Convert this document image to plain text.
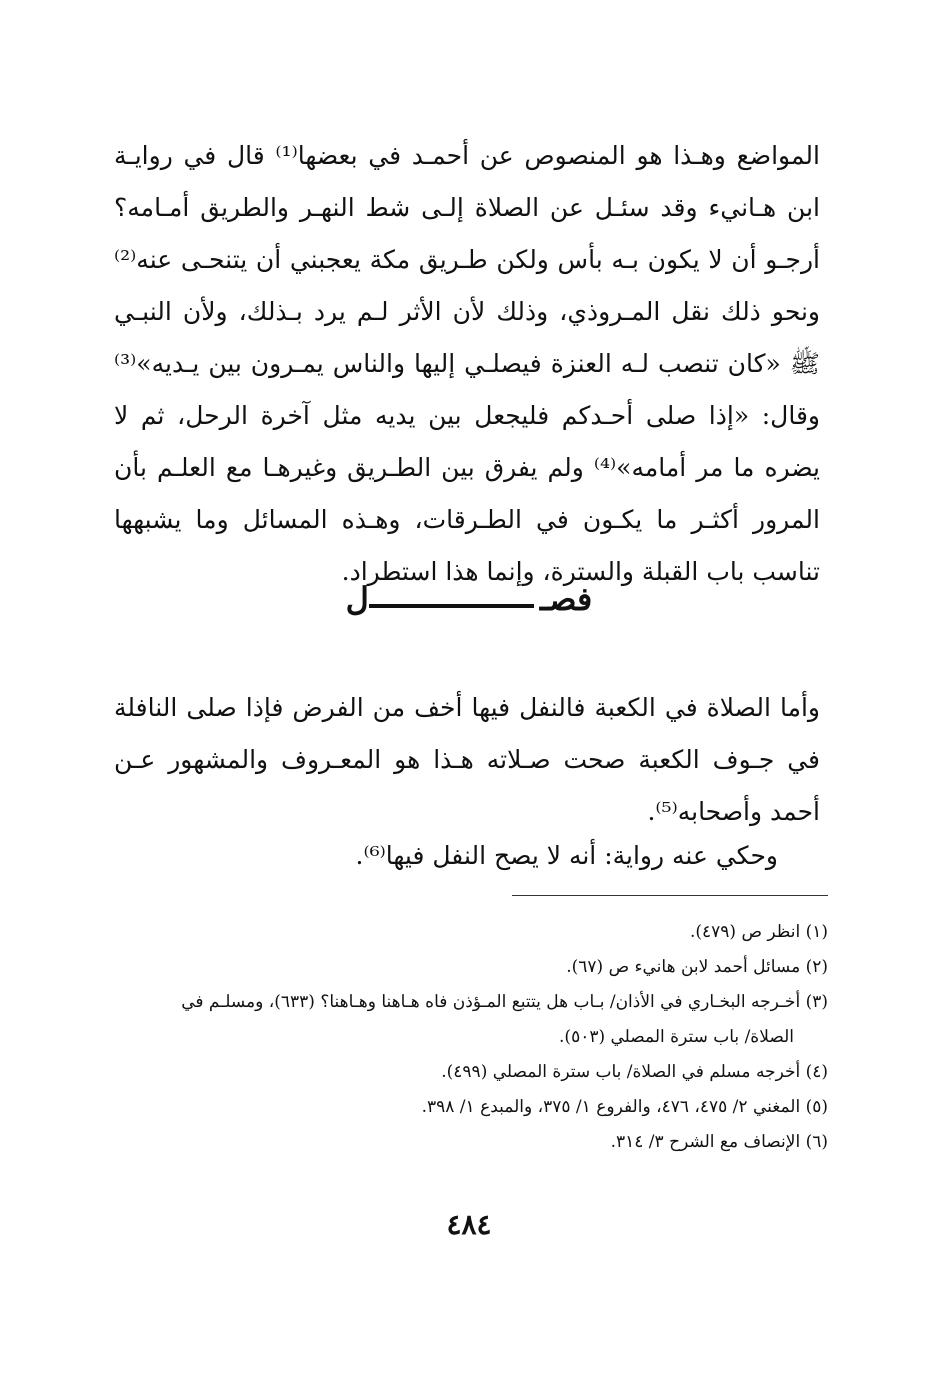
المواضع وهـذا هو المنصوص عن أحمـد في بعضها⁽¹⁾ قال في روايـة ابن هـانيء وقد سئـل عن الصلاة إلـى شط النهـر والطريق أمـامه؟ أرجـو أن لا يكون بـه بأس ولكن طـريق مكة يعجبني أن يتنحـى عنه⁽²⁾ ونحو ذلك نقل المـروذي، وذلك لأن الأثر لـم يرد بـذلك، ولأن النبـي ﷺ «كان تنصب لـه العنزة فيصلـي إليها والناس يمـرون بين يـديه»⁽³⁾ وقال: «إذا صلى أحـدكم فليجعل بين يديه مثل آخرة الرحل، ثم لا يضره ما مر أمامه»⁽⁴⁾ ولم يفرق بين الطـريق وغيرهـا مع العلـم بأن المرور أكثـر ما يكـون في الطـرقات، وهـذه المسائل وما يشبهها تناسب باب القبلة والسترة، وإنما هذا استطراد.

فصـل

وأما الصلاة في الكعبة فالنفل فيها أخف من الفرض فإذا صلى النافلة في جـوف الكعبة صحت صـلاته هـذا هو المعـروف والمشهور عـن أحمد وأصحابه⁽⁵⁾.

وحكي عنه رواية: أنه لا يصح النفل فيها⁽⁶⁾.

(١) انظر ص (٤٧٩).
(٢) مسائل أحمد لابن هانيء ص (٦٧).
(٣) أخـرجه البخـاري في الأذان/ بـاب هل يتتبع المـؤذن فاه هـاهنا وهـاهنا؟ (٦٣٣)، ومسلـم في
الصلاة/ باب سترة المصلي (٥٠٣).
(٤) أخرجه مسلم في الصلاة/ باب سترة المصلي (٤٩٩).
(٥) المغني ٢/ ٤٧٥، ٤٧٦، والفروع ١/ ٣٧٥، والمبدع ١/ ٣٩٨.
(٦) الإنصاف مع الشرح ٣/ ٣١٤.
٤٨٤
